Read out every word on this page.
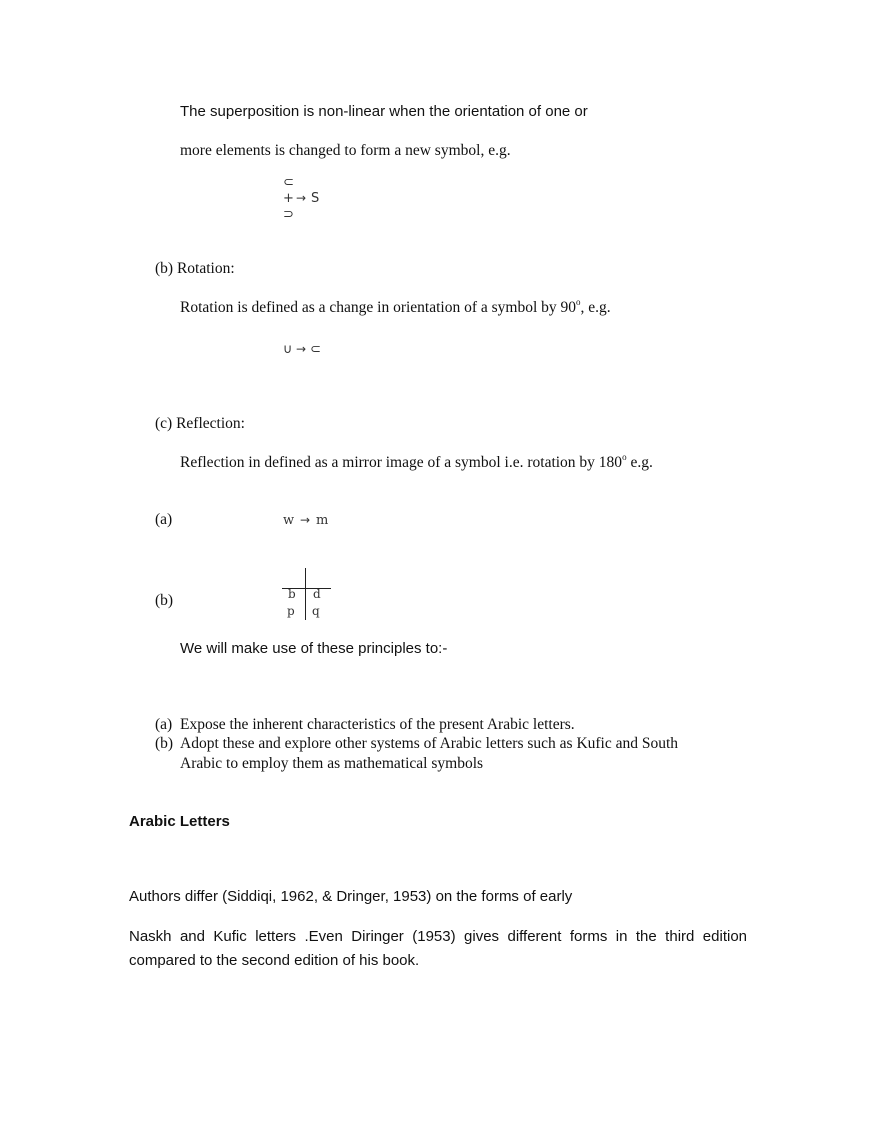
The superposition is non-linear when the orientation of one or
more elements is changed to form a new symbol, e.g.
⊂
+ → S
⊃
(b) Rotation:
Rotation is defined as a change in orientation of a symbol by 90$^o$, e.g.
∪ → ⊂
(c) Reflection:
Reflection in defined as a mirror image of a symbol i.e. rotation by 180$^o$ e.g.
(a)	w → m
(b)	b d
p q
We will make use of these principles to:-
(a) Expose the inherent characteristics of the present Arabic letters.
(b) Adopt these and explore other systems of Arabic letters such as Kufic and South
Arabic to employ them as mathematical symbols
Arabic Letters
Authors differ (Siddiqi, 1962, & Dringer, 1953) on the forms of early
Naskh and Kufic letters .Even Diringer (1953) gives different forms in the third edition compared to the second edition of his book.
